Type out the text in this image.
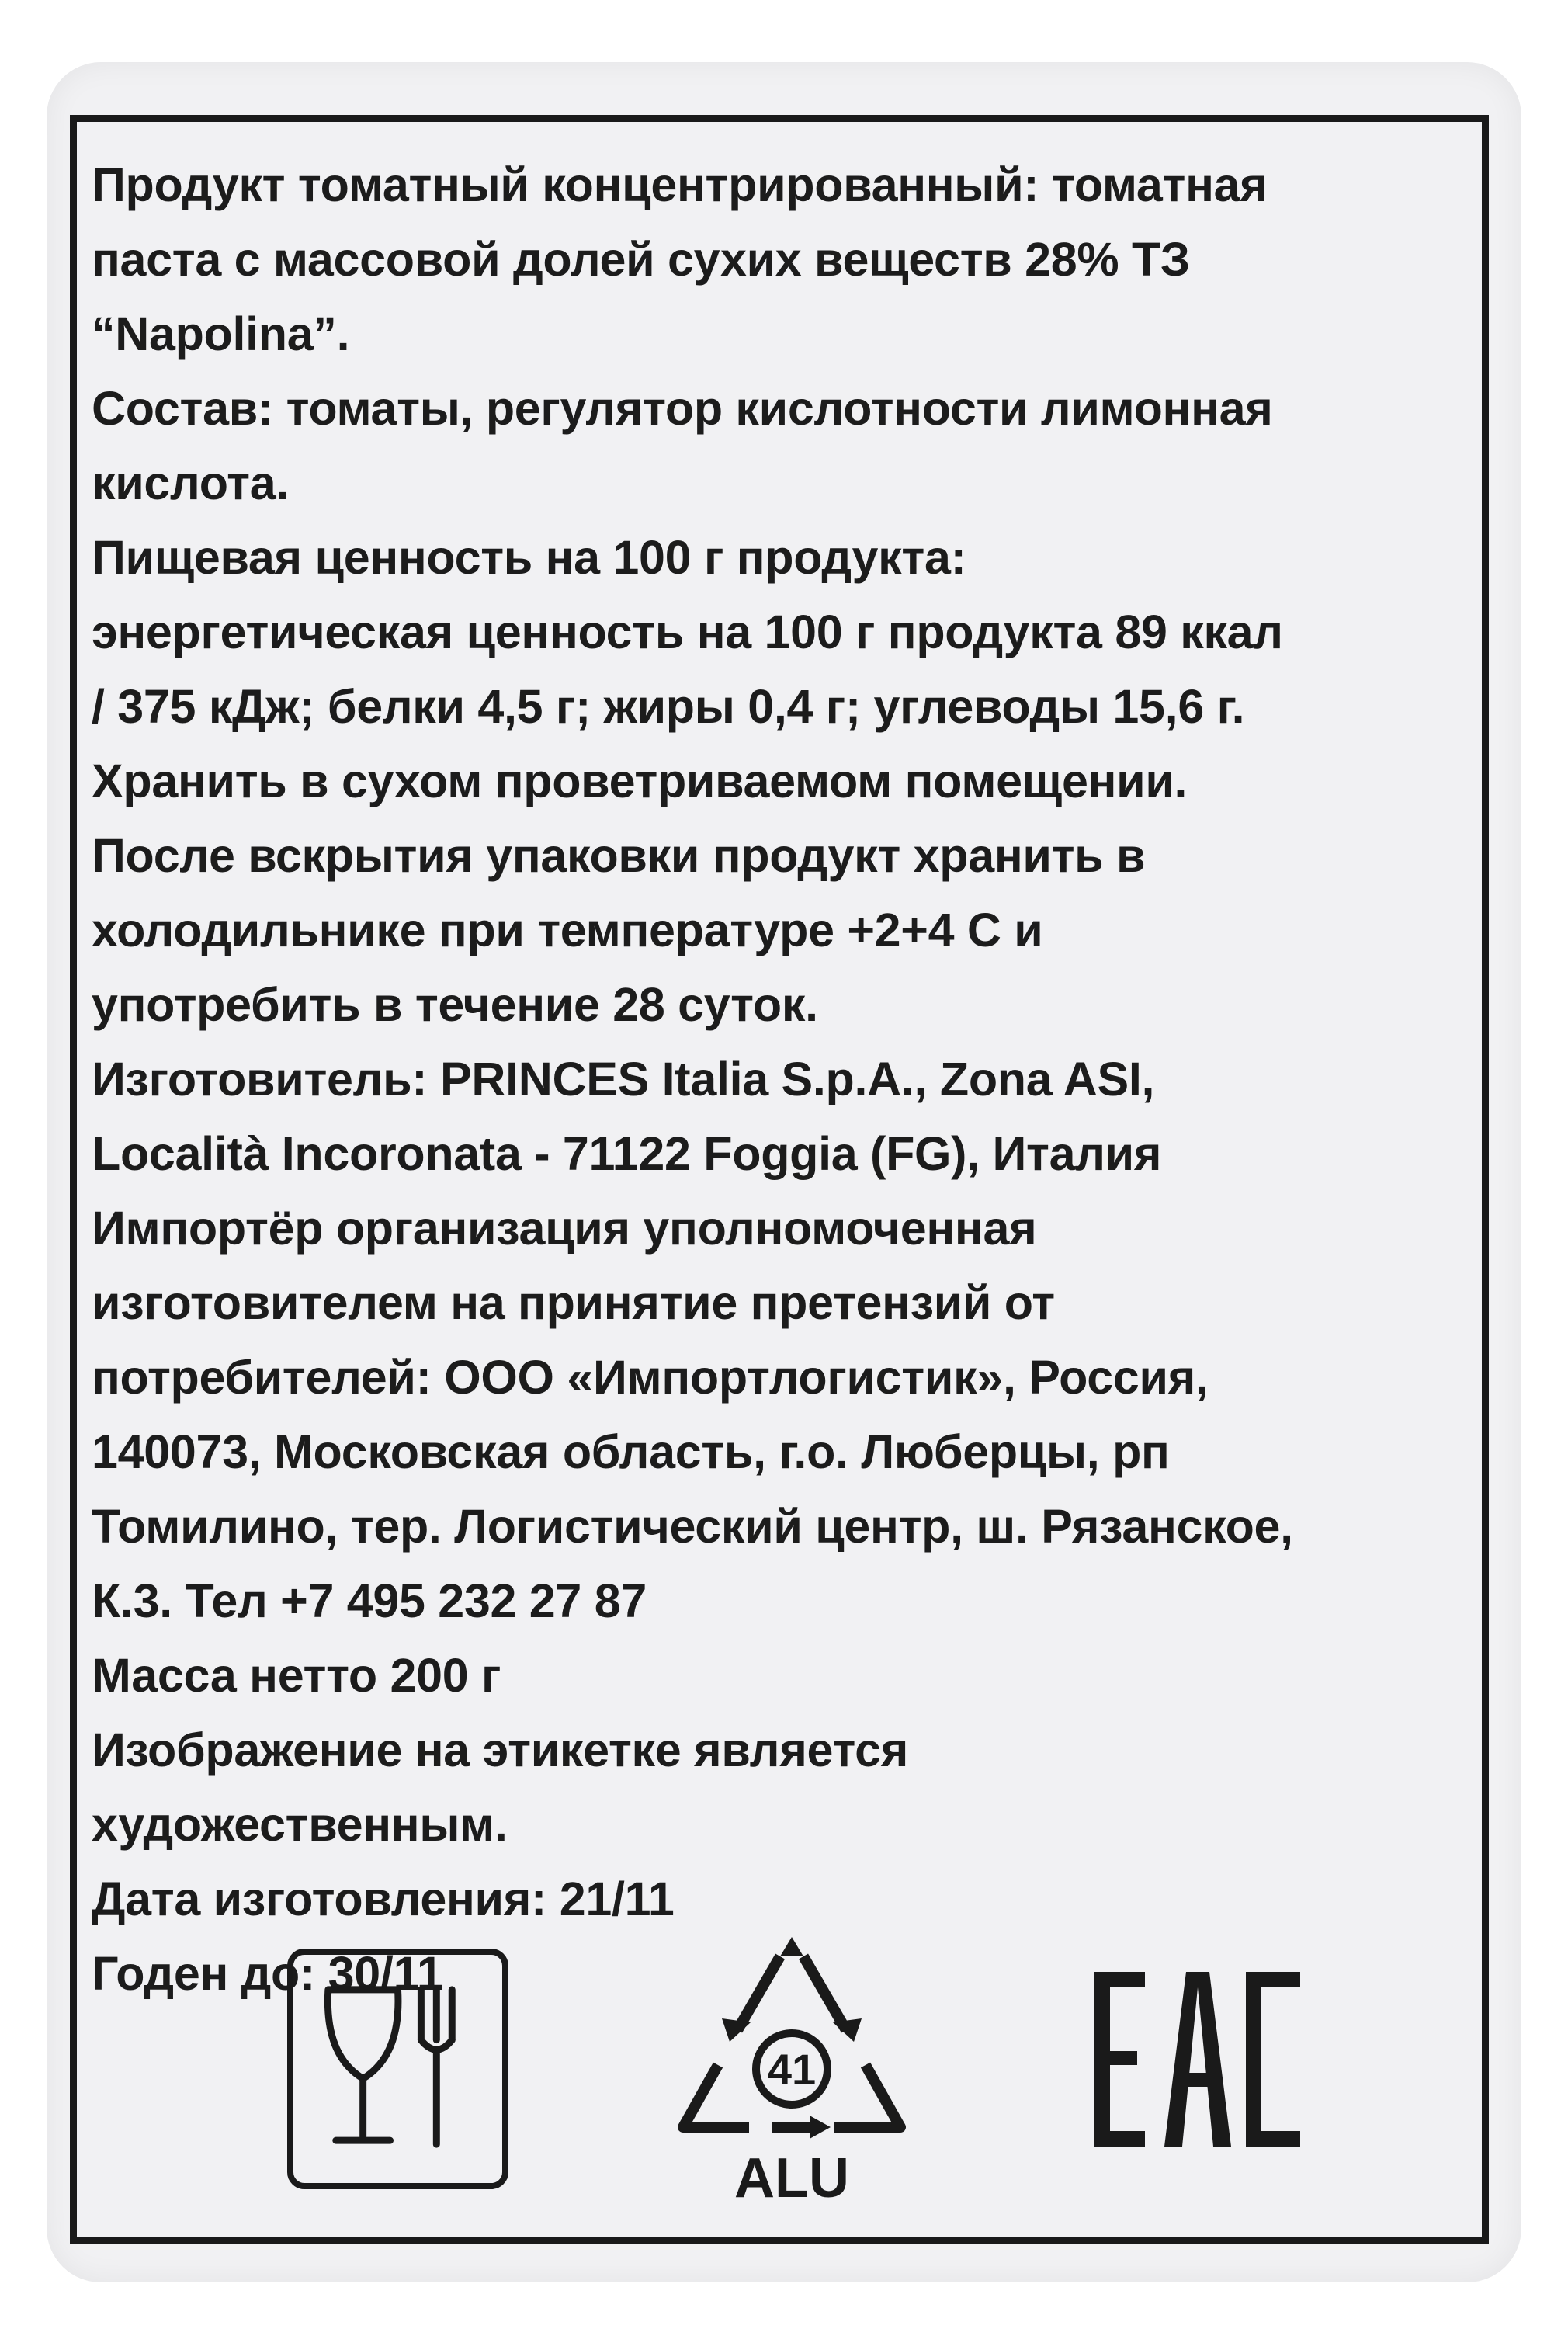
Продукт томатный концентрированный: томатная
паста с массовой долей сухих веществ 28% ТЗ
“Napolina”.
Состав: томаты, регулятор кислотности лимонная
кислота.
Пищевая ценность на 100 г продукта:
энергетическая ценность на 100 г продукта 89 ккал
/ 375 кДж; белки 4,5 г; жиры 0,4 г; углеводы 15,6 г.
Хранить в сухом проветриваемом помещении.
После вскрытия упаковки продукт хранить в
холодильнике при температуре +2+4 С и
употребить в течение 28 суток.
Изготовитель: PRINCES Italia S.p.A., Zona ASI,
Località Incoronata - 71122 Foggia (FG), Италия
Импортёр организация уполномоченная
изготовителем на принятие претензий от
потребителей: ООО «Импортлогистик», Россия,
140073, Московская область, г.о. Люберцы, рп
Томилино, тер. Логистический центр, ш. Рязанское,
К.3. Тел +7 495 232 27 87
Масса нетто 200 г
Изображение на этикетке является
художественным.
Дата изготовления: 21/11
Годен до: 30/11
41
ALU
